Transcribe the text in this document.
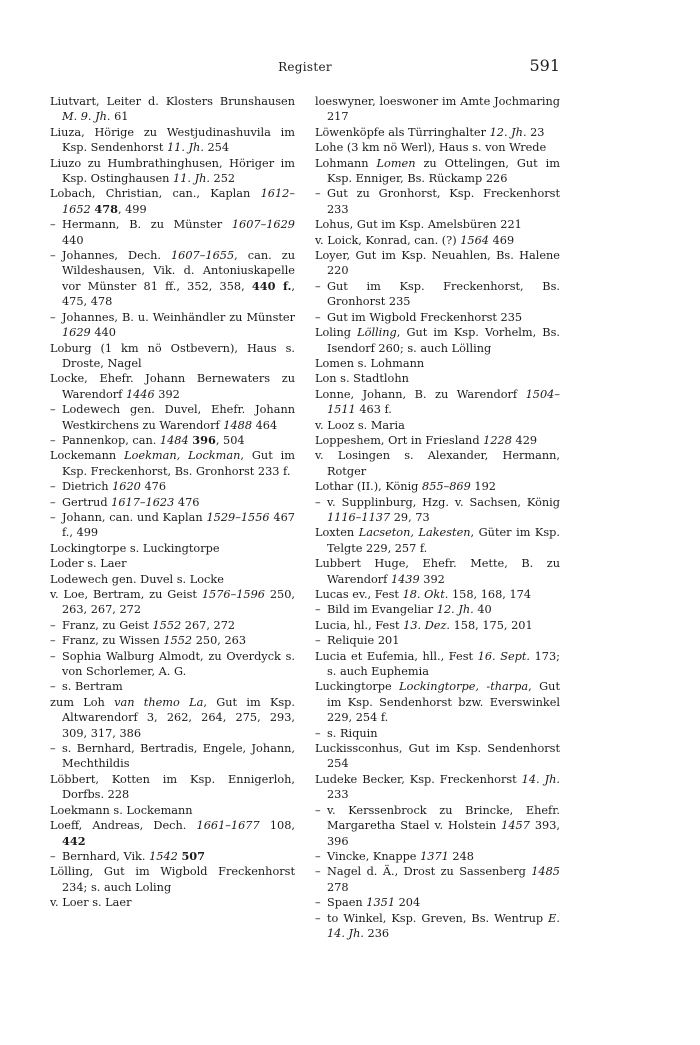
Register	591

Liutvart, Leiter d. Klosters Brunshausen M. 9. Jh. 61

Liuza, Hörige zu Westjudinashuvila im Ksp. Sendenhorst 11. Jh. 254

Liuzo zu Humbrathinghusen, Höriger im Ksp. Ostinghausen 11. Jh. 252

Lobach, Christian, can., Kaplan 1612–1652 478, 499

– Hermann, B. zu Münster 1607–1629 440

– Johannes, Dech. 1607–1655, can. zu Wildeshausen, Vik. d. Antoniuskapelle vor Münster 81 ff., 352, 358, 440 f., 475, 478

– Johannes, B. u. Weinhändler zu Münster 1629 440

Loburg (1 km nö Ostbevern), Haus s. Droste, Nagel

Locke, Ehefr. Johann Bernewaters zu Warendorf 1446 392

– Lodewech gen. Duvel, Ehefr. Johann Westkirchens zu Warendorf 1488 464

– Pannenkop, can. 1484 396, 504

Lockemann Loekman, Lockman, Gut im Ksp. Freckenhorst, Bs. Gronhorst 233 f.

– Dietrich 1620 476

– Gertrud 1617–1623 476

– Johann, can. und Kaplan 1529–1556 467 f., 499

Lockingtorpe s. Luckingtorpe

Loder s. Laer

Lodewech gen. Duvel s. Locke

v. Loe, Bertram, zu Geist 1576–1596 250, 263, 267, 272

– Franz, zu Geist 1552 267, 272

– Franz, zu Wissen 1552 250, 263

– Sophia Walburg Almodt, zu Overdyck s. von Schorlemer, A. G.

– s. Bertram

zum Loh van themo La, Gut im Ksp. Altwarendorf 3, 262, 264, 275, 293, 309, 317, 386

– s. Bernhard, Bertradis, Engele, Johann, Mechthildis

Löbbert, Kotten im Ksp. Ennigerloh, Dorfbs. 228

Loekmann s. Lockemann

Loeff, Andreas, Dech. 1661–1677 108, 442

– Bernhard, Vik. 1542 507

Lölling, Gut im Wigbold Freckenhorst 234; s. auch Loling

v. Loer s. Laer

loeswyner, loeswoner im Amte Jochmaring 217

Löwenköpfe als Türringhalter 12. Jh. 23

Lohe (3 km nö Werl), Haus s. von Wrede

Lohmann Lomen zu Ottelingen, Gut im Ksp. Enniger, Bs. Rückamp 226

– Gut zu Gronhorst, Ksp. Freckenhorst 233

Lohus, Gut im Ksp. Amelsbüren 221

v. Loick, Konrad, can. (?) 1564 469

Loyer, Gut im Ksp. Neuahlen, Bs. Halene 220

– Gut im Ksp. Freckenhorst, Bs. Gronhorst 235

– Gut im Wigbold Freckenhorst 235

Loling Lölling, Gut im Ksp. Vorhelm, Bs. Isendorf 260; s. auch Lölling

Lomen s. Lohmann

Lon s. Stadtlohn

Lonne, Johann, B. zu Warendorf 1504–1511 463 f.

v. Looz s. Maria

Loppeshem, Ort in Friesland 1228 429

v. Losingen s. Alexander, Hermann, Rotger

Lothar (II.), König 855–869 192

– v. Supplinburg, Hzg. v. Sachsen, König 1116–1137 29, 73

Loxten Lacseton, Lakesten, Güter im Ksp. Telgte 229, 257 f.

Lubbert Huge, Ehefr. Mette, B. zu Warendorf 1439 392

Lucas ev., Fest 18. Okt. 158, 168, 174

– Bild im Evangeliar 12. Jh. 40

Lucia, hl., Fest 13. Dez. 158, 175, 201

– Reliquie 201

Lucia et Eufemia, hll., Fest 16. Sept. 173; s. auch Euphemia

Luckingtorpe Lockingtorpe, -tharpa, Gut im Ksp. Sendenhorst bzw. Everswinkel 229, 254 f.

– s. Riquin

Luckissconhus, Gut im Ksp. Sendenhorst 254

Ludeke Becker, Ksp. Freckenhorst 14. Jh. 233

– v. Kerssenbrock zu Brincke, Ehefr. Margaretha Stael v. Holstein 1457 393, 396

– Vincke, Knappe 1371 248

– Nagel d. Ä., Drost zu Sassenberg 1485 278

– Spaen 1351 204

– to Winkel, Ksp. Greven, Bs. Wentrup E. 14. Jh. 236
